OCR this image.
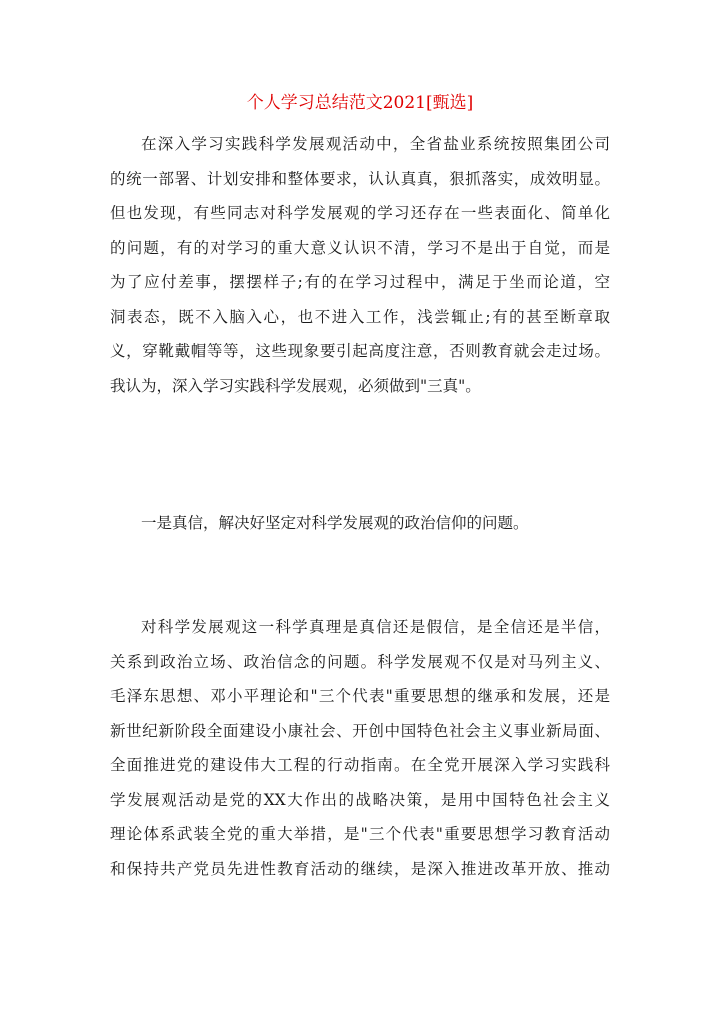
个人学习总结范文2021[甄选]
在深入学习实践科学发展观活动中，全省盐业系统按照集团公司
的统一部署、计划安排和整体要求，认认真真，狠抓落实，成效明显。
但也发现，有些同志对科学发展观的学习还存在一些表面化、简单化
的问题，有的对学习的重大意义认识不清，学习不是出于自觉，而是
为了应付差事，摆摆样子;有的在学习过程中，满足于坐而论道，空
洞表态，既不入脑入心，也不进入工作，浅尝辄止;有的甚至断章取
义，穿靴戴帽等等，这些现象要引起高度注意，否则教育就会走过场。
我认为，深入学习实践科学发展观，必须做到"三真"。
一是真信，解决好坚定对科学发展观的政治信仰的问题。
对科学发展观这一科学真理是真信还是假信，是全信还是半信，
关系到政治立场、政治信念的问题。科学发展观不仅是对马列主义、
毛泽东思想、邓小平理论和"三个代表"重要思想的继承和发展，还是
新世纪新阶段全面建设小康社会、开创中国特色社会主义事业新局面、
全面推进党的建设伟大工程的行动指南。在全党开展深入学习实践科
学发展观活动是党的XX大作出的战略决策，是用中国特色社会主义
理论体系武装全党的重大举措，是"三个代表"重要思想学习教育活动
和保持共产党员先进性教育活动的继续，是深入推进改革开放、推动
